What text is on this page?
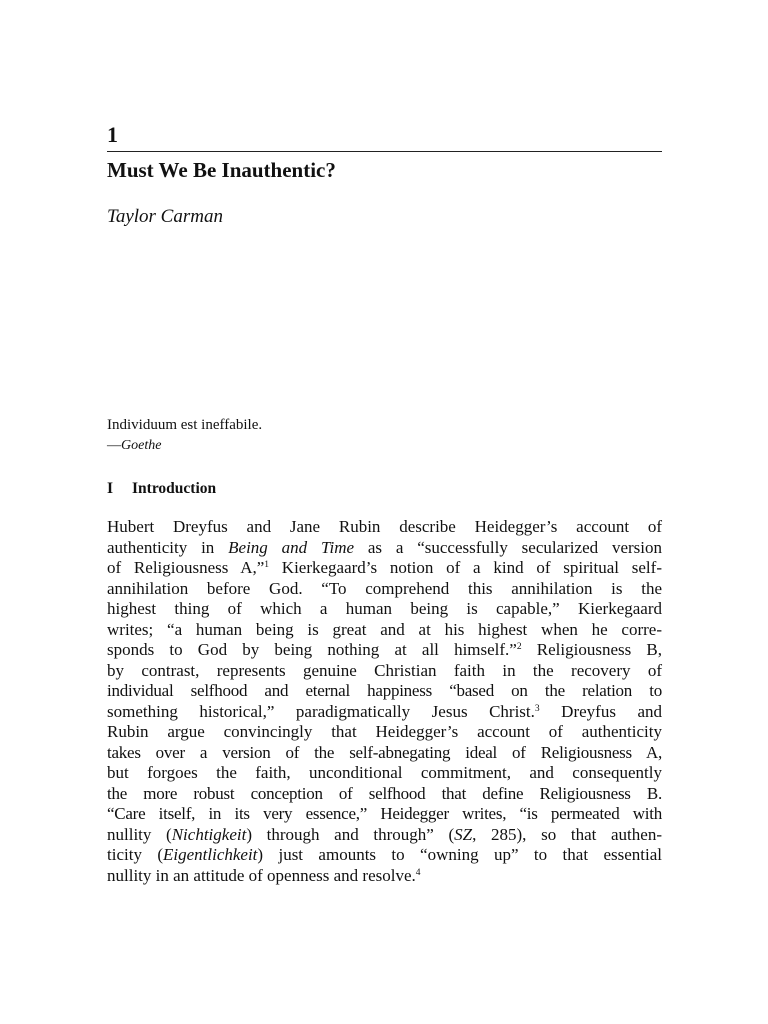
1
Must We Be Inauthentic?
Taylor Carman
Individuum est ineffabile.
—Goethe
I Introduction
Hubert Dreyfus and Jane Rubin describe Heidegger’s account of
authenticity in Being and Time as a “successfully secularized version
of Religiousness A,”$^1$ Kierkegaard’s notion of a kind of spiritual self-
annihilation before God. “To comprehend this annihilation is the
highest thing of which a human being is capable,” Kierkegaard
writes; “a human being is great and at his highest when he corre-
sponds to God by being nothing at all himself.”$^2$ Religiousness B,
by contrast, represents genuine Christian faith in the recovery of
individual selfhood and eternal happiness “based on the relation to
something historical,” paradigmatically Jesus Christ.$^3$ Dreyfus and
Rubin argue convincingly that Heidegger’s account of authenticity
takes over a version of the self-abnegating ideal of Religiousness A,
but forgoes the faith, unconditional commitment, and consequently
the more robust conception of selfhood that define Religiousness B.
“Care itself, in its very essence,” Heidegger writes, “is permeated with
nullity (Nichtigkeit) through and through” (SZ, 285), so that authen-
ticity (Eigentlichkeit) just amounts to “owning up” to that essential
nullity in an attitude of openness and resolve.$^4$
